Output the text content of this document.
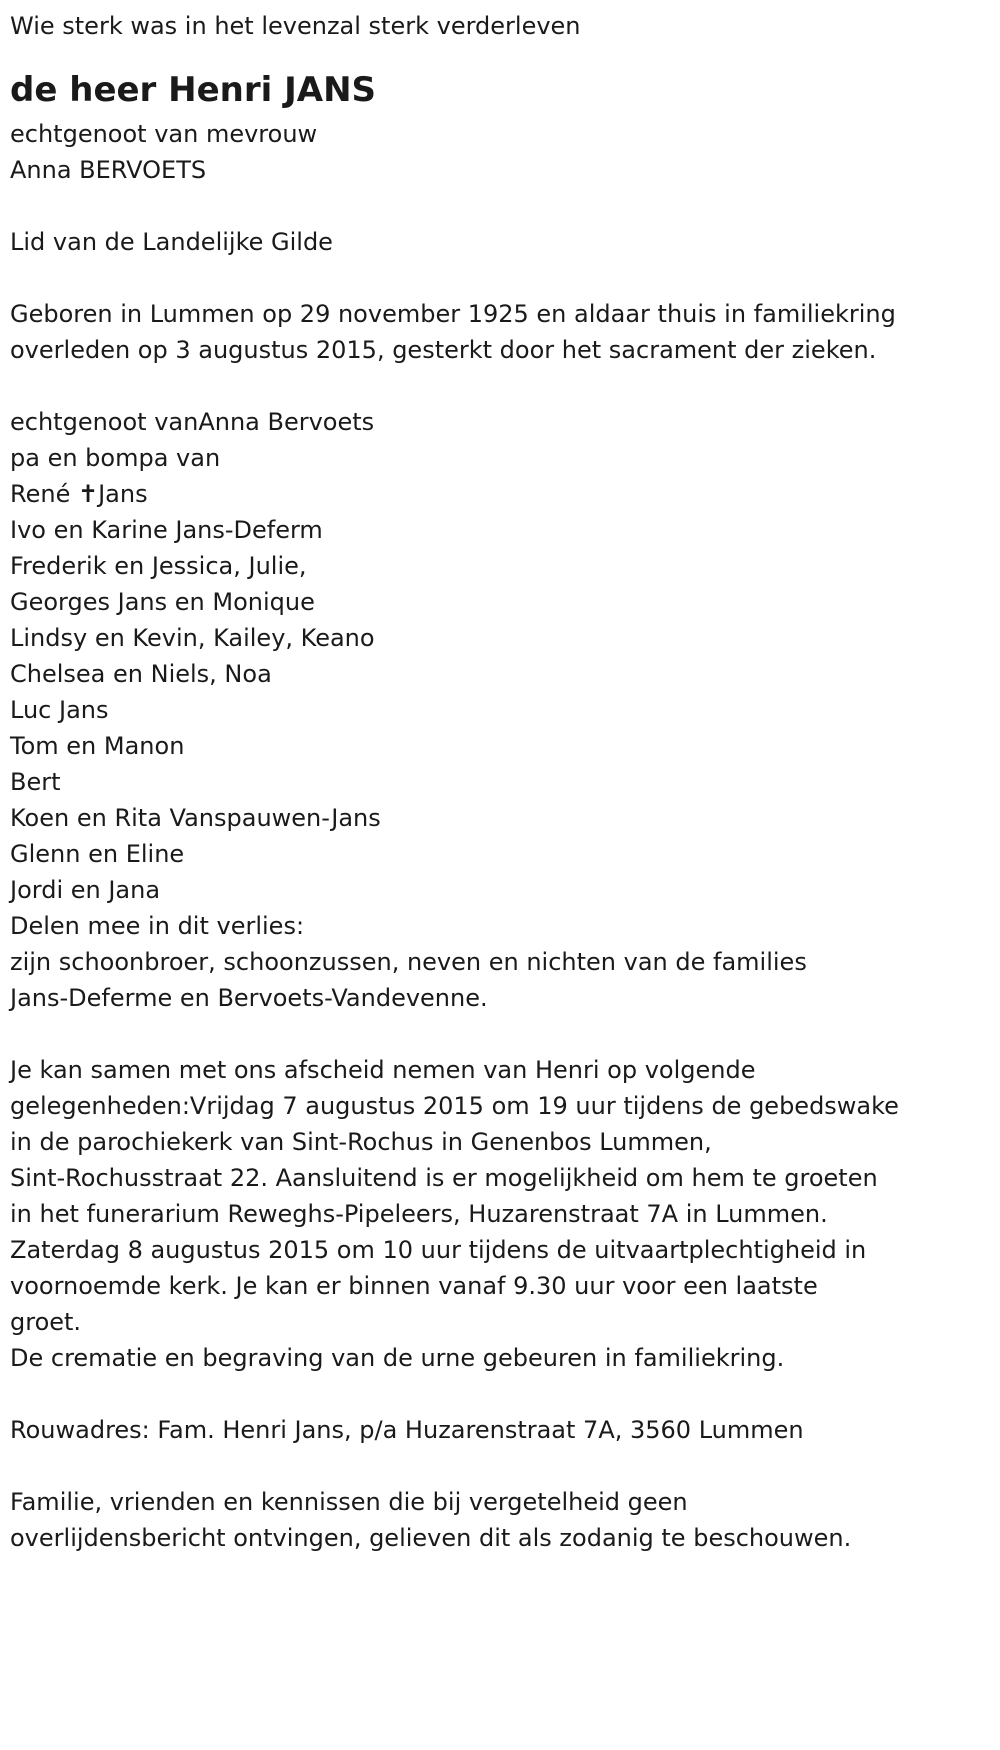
Wie sterk was in het levenzal sterk verderleven
de heer Henri JANS
echtgenoot van mevrouw
Anna BERVOETS
Lid van de Landelijke Gilde
Geboren in Lummen op 29 november 1925 en aldaar thuis in familiekring
overleden op 3 augustus 2015, gesterkt door het sacrament der zieken.
echtgenoot vanAnna Bervoets
pa en bompa van
René ✝Jans
Ivo en Karine Jans-Deferm
Frederik en Jessica, Julie,
Georges Jans en Monique
Lindsy en Kevin, Kailey, Keano
Chelsea en Niels, Noa
Luc Jans
Tom en Manon
Bert
Koen en Rita Vanspauwen-Jans
Glenn en Eline
Jordi en Jana
Delen mee in dit verlies:
zijn schoonbroer, schoonzussen, neven en nichten van de families
Jans-Deferme en Bervoets-Vandevenne.
Je kan samen met ons afscheid nemen van Henri op volgende
gelegenheden:Vrijdag 7 augustus 2015 om 19 uur tijdens de gebedswake
in de parochiekerk van Sint-Rochus in Genenbos Lummen,
Sint-Rochusstraat 22. Aansluitend is er mogelijkheid om hem te groeten
in het funerarium Reweghs-Pipeleers, Huzarenstraat 7A in Lummen.
Zaterdag 8 augustus 2015 om 10 uur tijdens de uitvaartplechtigheid in
voornoemde kerk. Je kan er binnen vanaf 9.30 uur voor een laatste
groet.
De crematie en begraving van de urne gebeuren in familiekring.
Rouwadres: Fam. Henri Jans, p/a Huzarenstraat 7A, 3560 Lummen
Familie, vrienden en kennissen die bij vergetelheid geen
overlijdensbericht ontvingen, gelieven dit als zodanig te beschouwen.
